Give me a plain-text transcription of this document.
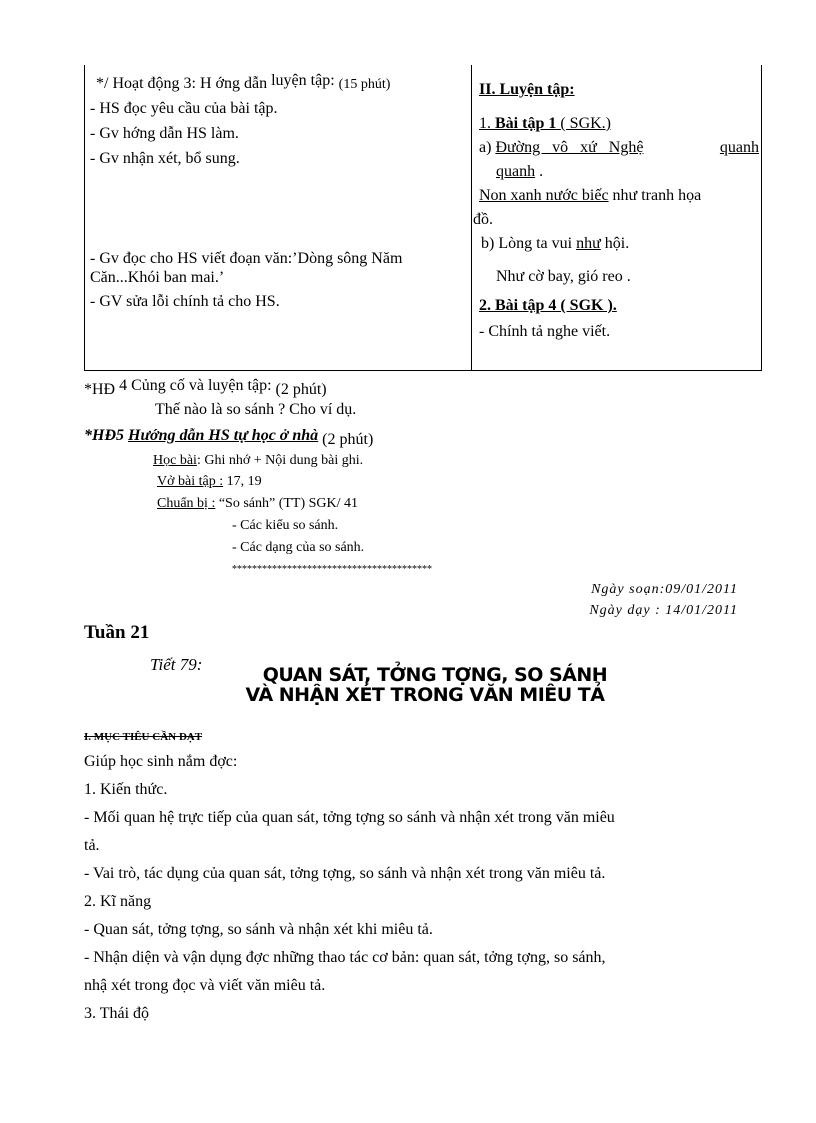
*/ Hoạt động 3: H ớng dẫn luyện tập: (15 phút)
- HS đọc yêu cầu của bài tập.
- Gv hớng dẫn HS làm.
- Gv nhận xét, bổ sung.
- Gv đọc cho HS viết đoạn văn:’Dòng sông Năm
Căn...Khói ban mai.’
- GV sửa lỗi chính tả cho HS.
II. Luyện tập:
1. Bài tập 1 ( SGK.)
a) Đường vô xứ Nghệ	quanh
quanh .
Non xanh nước biếc như tranh họa
đồ.
b) Lòng ta vui như hội.
Như cờ bay, gió reo .
2. Bài tập 4 ( SGK ).
- Chính tả nghe viết.
*HĐ 4 Củng cố và luyện tập: (2 phút)
Thế nào là so sánh ? Cho ví dụ.
*HĐ5 Hướng dẫn HS tự học ở nhà (2 phút)
Học bài: Ghi nhớ + Nội dung bài ghi.
Vở bài tập : 17, 19
Chuẩn bị : “So sánh” (TT) SGK/ 41
- Các kiểu so sánh.
- Các dạng của so sánh.
****************************************
Ngày soạn:09/01/2011
Ngày dạy : 14/01/2011
Tuần 21
Tiết 79:	QUAN SÁT, TỞNG TỢNG, SO SÁNH
VÀ NHẬN XÉT TRONG VĂN MIÊU TẢ
I. MỤC TIÊU CẦN ĐẠT
Giúp học sinh nắm đợc:
1. Kiến thức.
- Mối quan hệ trực tiếp của quan sát, tởng tợng so sánh và nhận xét trong văn miêu
tả.
- Vai trò, tác dụng của quan sát, tởng tợng, so sánh và nhận xét trong văn miêu tả.
2. Kĩ năng
- Quan sát, tởng tợng, so sánh và nhận xét khi miêu tả.
- Nhận diện và vận dụng đợc những thao tác cơ bản: quan sát, tởng tợng, so sánh,
nhậ xét trong đọc và viết văn miêu tả.
3. Thái độ
